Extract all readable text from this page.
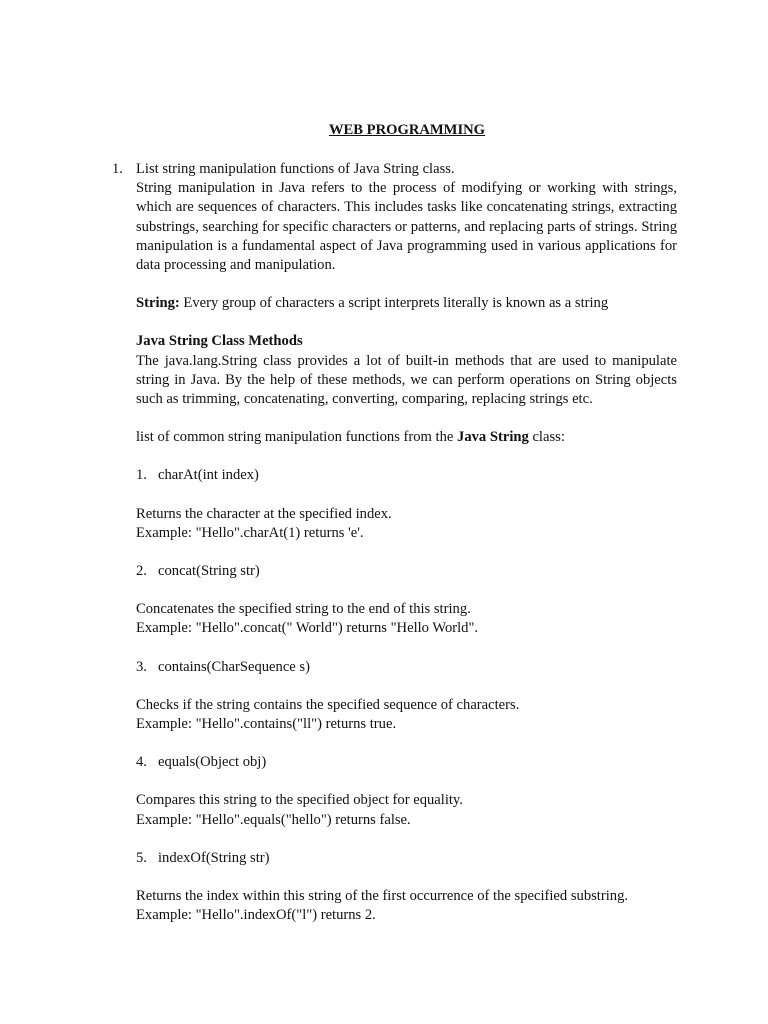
WEB PROGRAMMING
1. List string manipulation functions of Java String class.

String manipulation in Java refers to the process of modifying or working with strings, which are sequences of characters. This includes tasks like concatenating strings, extracting substrings, searching for specific characters or patterns, and replacing parts of strings. String manipulation is a fundamental aspect of Java programming used in various applications for data processing and manipulation.

String: Every group of characters a script interprets literally is known as a string

Java String Class Methods

The java.lang.String class provides a lot of built-in methods that are used to manipulate string in Java. By the help of these methods, we can perform operations on String objects such as trimming, concatenating, converting, comparing, replacing strings etc.

list of common string manipulation functions from the Java String class:

1. charAt(int index)

Returns the character at the specified index.

Example: "Hello".charAt(1) returns 'e'.

2. concat(String str)

Concatenates the specified string to the end of this string.

Example: "Hello".concat(" World") returns "Hello World".

3. contains(CharSequence s)

Checks if the string contains the specified sequence of characters.

Example: "Hello".contains("ll") returns true.

4. equals(Object obj)

Compares this string to the specified object for equality.

Example: "Hello".equals("hello") returns false.

5. indexOf(String str)

Returns the index within this string of the first occurrence of the specified substring.

Example: "Hello".indexOf("l") returns 2.
